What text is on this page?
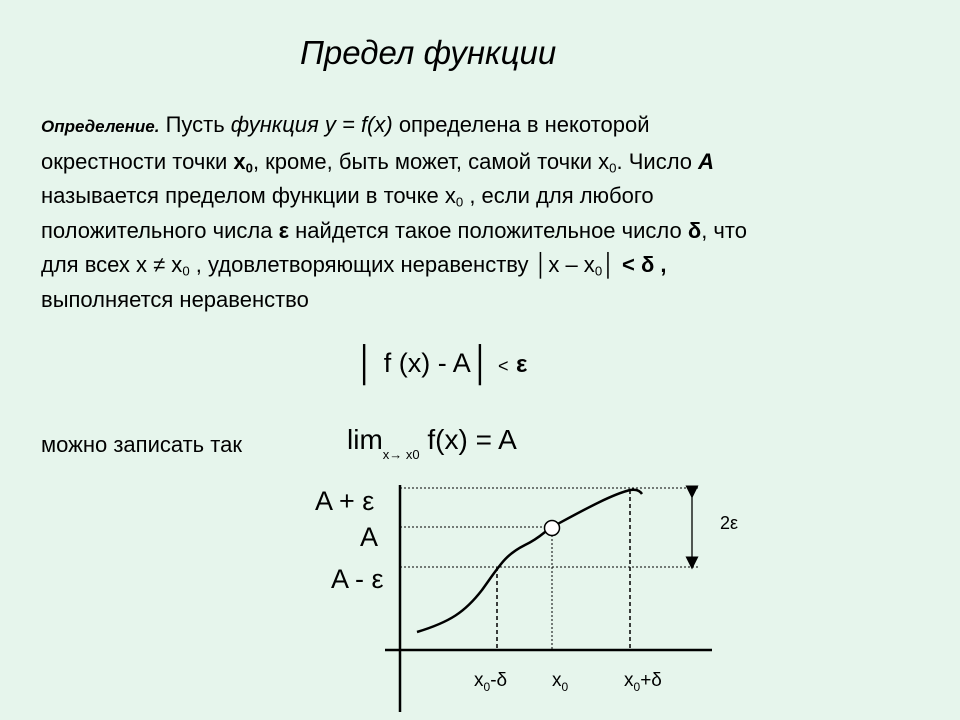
Предел функции
Определение. Пусть функция y = f(x) определена в некоторой
окрестности точки $x_0$, кроме, быть может, самой точки $x_0$. Число A
называется пределом функции в точке $x_0$ , если для любого
положительного числа ε найдется такое положительное число δ, что
для всех $x \ne x_0$ , удовлетворяющих неравенству │x – $x_0│ < \delta$ ,
выполняется неравенство
│ f (x) - A│ < ε
можно записать так	$\lim_{x\to x0} f(x) = A$
A + ε
A
A - ε
2ε
$x_0-\delta$ $x_0$	$x_0+\delta$
